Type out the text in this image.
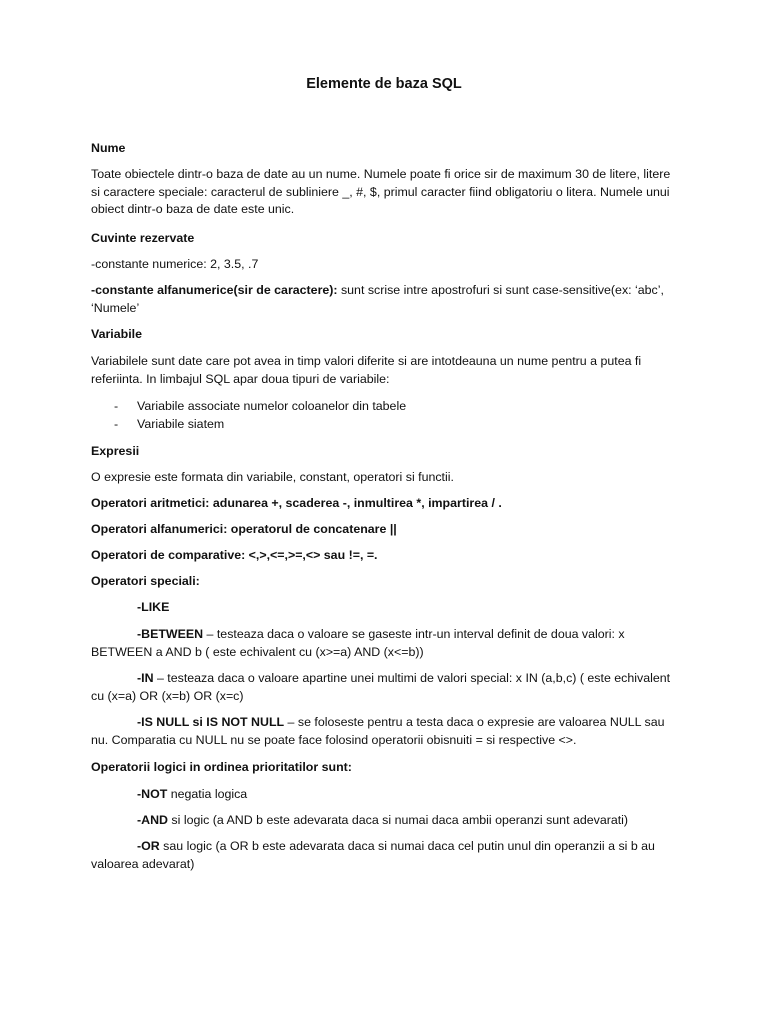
Elemente de baza SQL

Nume

Toate obiectele dintr-o baza de date au un nume. Numele poate fi orice sir de maximum 30 de litere, litere si caractere speciale: caracterul de subliniere _, #, $, primul caracter fiind obligatoriu o litera. Numele unui obiect dintr-o baza de date este unic.

Cuvinte rezervate

-constante numerice: 2, 3.5, .7

-constante alfanumerice(sir de caractere): sunt scrise intre apostrofuri si sunt case-sensitive(ex: ‘abc’, ‘Numele’

Variabile

Variabilele sunt date care pot avea in timp valori diferite si are intotdeauna un nume pentru a putea fi referiinta. In limbajul SQL apar doua tipuri de variabile:

- Variabile associate numelor coloanelor din tabele
- Variabile siatem

Expresii

O expresie este formata din variabile, constant, operatori si functii.

Operatori aritmetici: adunarea +, scaderea -, inmultirea *, impartirea / .

Operatori alfanumerici: operatorul de concatenare ||

Operatori de comparative: <,>,<=,>=,<> sau !=, =.

Operatori speciali:

-LIKE

-BETWEEN – testeaza daca o valoare se gaseste intr-un interval definit de doua valori: x BETWEEN a AND b ( este echivalent cu (x>=a) AND (x<=b))

-IN – testeaza daca o valoare apartine unei multimi de valori special: x IN (a,b,c) ( este echivalent cu (x=a) OR (x=b) OR (x=c)

-IS NULL si IS NOT NULL – se foloseste pentru a testa daca o expresie are valoarea NULL sau nu. Comparatia cu NULL nu se poate face folosind operatorii obisnuiti = si respective <>.

Operatorii logici in ordinea prioritatilor sunt:

-NOT negatia logica

-AND si logic (a AND b este adevarata daca si numai daca ambii operanzi sunt adevarati)

-OR sau logic (a OR b este adevarata daca si numai daca cel putin unul din operanzii a si b au valoarea adevarat)
